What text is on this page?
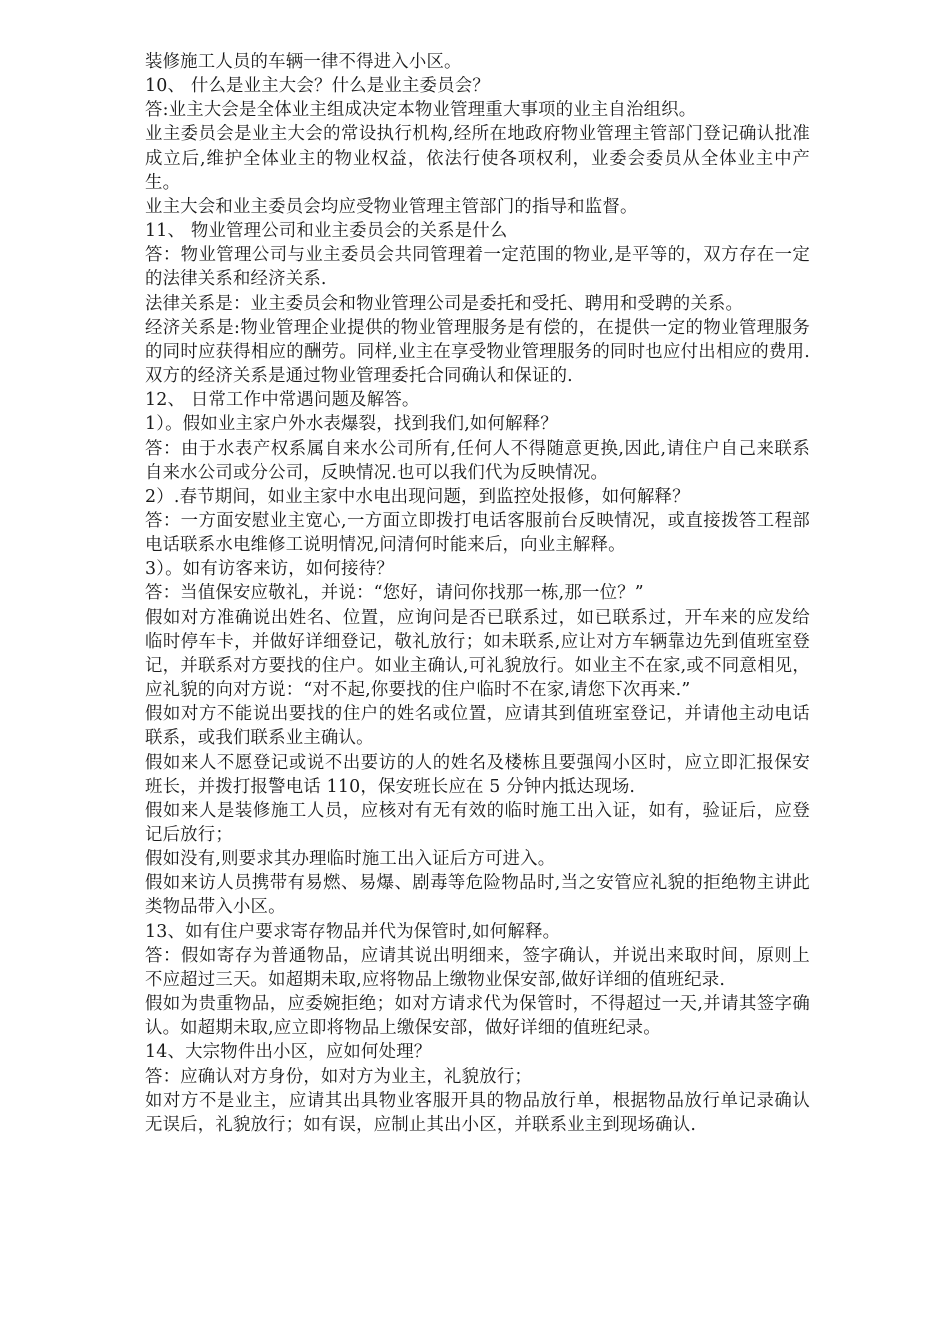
装修施工人员的车辆一律不得进入小区。

10、 什么是业主大会？什么是业主委员会？

答:业主大会是全体业主组成决定本物业管理重大事项的业主自治组织。

业主委员会是业主大会的常设执行机构,经所在地政府物业管理主管部门登记确认批准成立后,维护全体业主的物业权益，依法行使各项权利，业委会委员从全体业主中产生。

业主大会和业主委员会均应受物业管理主管部门的指导和监督。

11、 物业管理公司和业主委员会的关系是什么

答：物业管理公司与业主委员会共同管理着一定范围的物业,是平等的，双方存在一定的法律关系和经济关系.

法律关系是：业主委员会和物业管理公司是委托和受托、聘用和受聘的关系。

经济关系是:物业管理企业提供的物业管理服务是有偿的，在提供一定的物业管理服务的同时应获得相应的酬劳。同样,业主在享受物业管理服务的同时也应付出相应的费用.双方的经济关系是通过物业管理委托合同确认和保证的.

12、 日常工作中常遇问题及解答。

1）。假如业主家户外水表爆裂，找到我们,如何解释？

答：由于水表产权系属自来水公司所有,任何人不得随意更换,因此,请住户自己来联系自来水公司或分公司，反映情况.也可以我们代为反映情况。

2）.春节期间，如业主家中水电出现问题，到监控处报修，如何解释？

答：一方面安慰业主宽心,一方面立即拨打电话客服前台反映情况，或直接拨答工程部电话联系水电维修工说明情况,问清何时能来后，向业主解释。

3）。如有访客来访，如何接待？

答：当值保安应敬礼，并说：“您好，请问你找那一栋,那一位？”

假如对方准确说出姓名、位置，应询问是否已联系过，如已联系过，开车来的应发给临时停车卡，并做好详细登记，敬礼放行；如未联系,应让对方车辆靠边先到值班室登记，并联系对方要找的住户。如业主确认,可礼貌放行。如业主不在家,或不同意相见，应礼貌的向对方说：“对不起,你要找的住户临时不在家,请您下次再来.”

假如对方不能说出要找的住户的姓名或位置，应请其到值班室登记，并请他主动电话联系，或我们联系业主确认。

假如来人不愿登记或说不出要访的人的姓名及楼栋且要强闯小区时，应立即汇报保安班长，并拨打报警电话 110，保安班长应在 5 分钟内抵达现场.

假如来人是装修施工人员，应核对有无有效的临时施工出入证，如有，验证后，应登记后放行；

假如没有,则要求其办理临时施工出入证后方可进入。

假如来访人员携带有易燃、易爆、剧毒等危险物品时,当之安管应礼貌的拒绝物主讲此类物品带入小区。

13、如有住户要求寄存物品并代为保管时,如何解释。

答：假如寄存为普通物品，应请其说出明细来，签字确认，并说出来取时间，原则上不应超过三天。如超期未取,应将物品上缴物业保安部,做好详细的值班纪录.

假如为贵重物品，应委婉拒绝；如对方请求代为保管时，不得超过一天,并请其签字确认。如超期未取,应立即将物品上缴保安部，做好详细的值班纪录。

14、大宗物件出小区，应如何处理？

答：应确认对方身份，如对方为业主，礼貌放行；

如对方不是业主，应请其出具物业客服开具的物品放行单，根据物品放行单记录确认无误后，礼貌放行；如有误，应制止其出小区，并联系业主到现场确认.
